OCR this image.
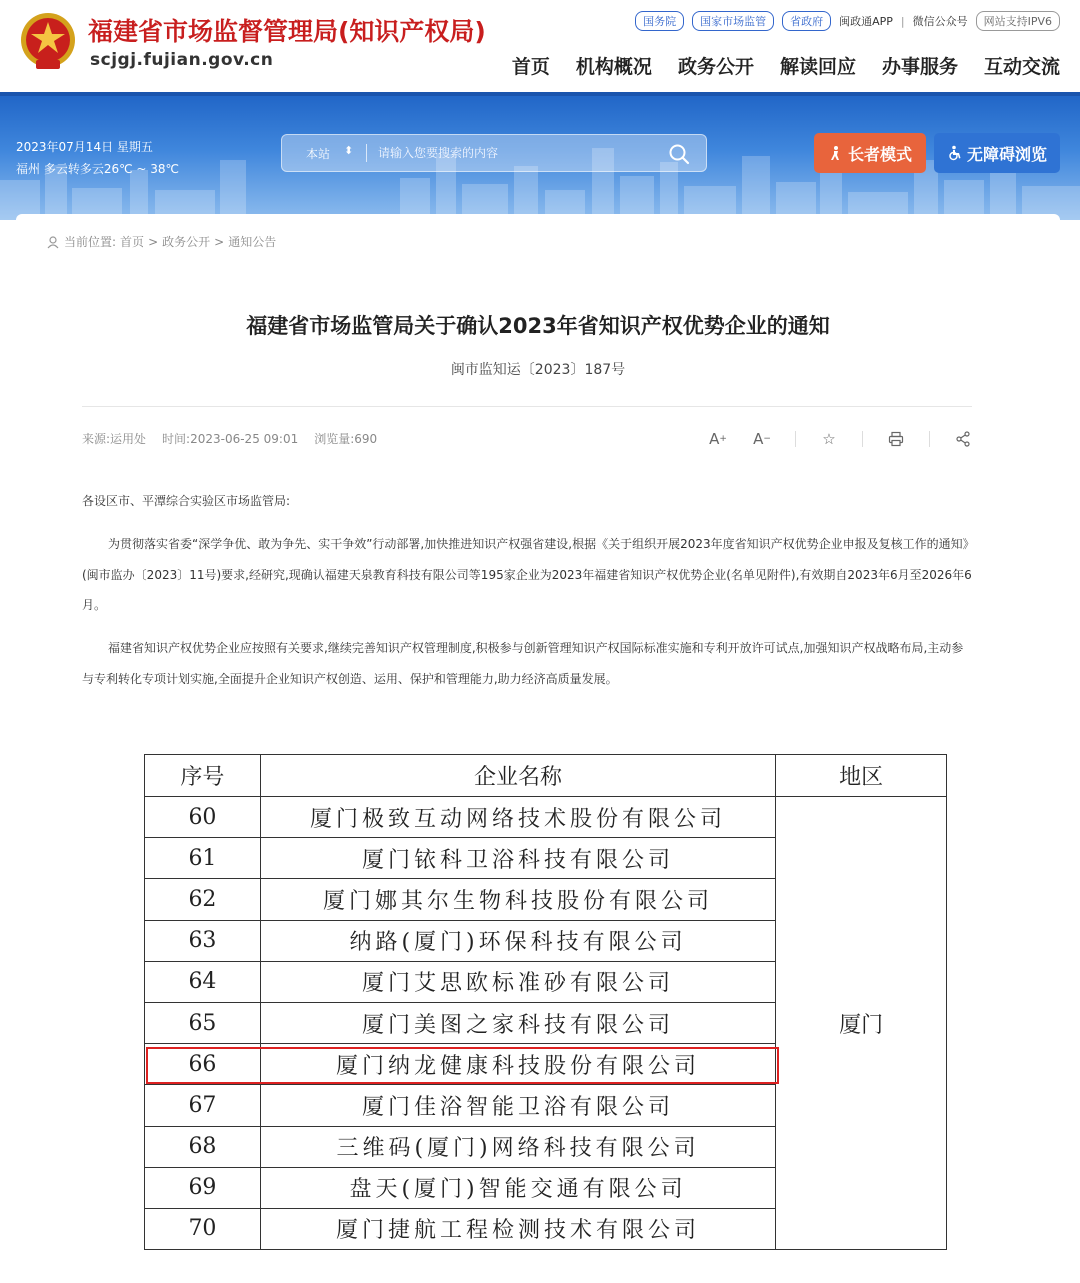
福建省市场监督管理局(知识产权局)
scjgj.fujian.gov.cn
国务院	国家市场监管	省政府	闽政通APP | 微信公众号	网站支持IPV6
首页 机构概况 政务公开 解读回应 办事服务 互动交流
2023年07月14日 星期五
福州 多云转多云26℃ ~ 38℃
本站 ⬍
请输入您要搜索的内容	长者模式	无障碍浏览
当前位置: 首页 > 政务公开 > 通知公告
福建省市场监管局关于确认2023年省知识产权优势企业的通知
闽市监知运〔2023〕187号
来源:运用处 时间:2023-06-25 09:01 浏览量:690	A + A −	☆
各设区市、平潭综合实验区市场监管局:
为贯彻落实省委“深学争优、敢为争先、实干争效”行动部署,加快推进知识产权强省建设,根据《关于组织开展2023年度省知识产权优势企业申报及复核工作的通知》(闽市监办〔2023〕11号)要求,经研究,现确认福建天泉教育科技有限公司等195家企业为2023年福建省知识产权优势企业(名单见附件),有效期自2023年6月至2026年6月。
福建省知识产权优势企业应按照有关要求,继续完善知识产权管理制度,积极参与创新管理知识产权国际标准实施和专利开放许可试点,加强知识产权战略布局,主动参与专利转化专项计划实施,全面提升企业知识产权创造、运用、保护和管理能力,助力经济高质量发展。
序号	企业名称	地区
60	厦门极致互动网络技术股份有限公司	厦门
61	厦门铱科卫浴科技有限公司	
62	厦门娜其尔生物科技股份有限公司	
63	纳路(厦门)环保科技有限公司	
64	厦门艾思欧标准砂有限公司	
65	厦门美图之家科技有限公司	
66	厦门纳龙健康科技股份有限公司	
67	厦门佳浴智能卫浴有限公司	
68	三维码(厦门)网络科技有限公司	
69	盘天(厦门)智能交通有限公司	
70	厦门捷航工程检测技术有限公司	
